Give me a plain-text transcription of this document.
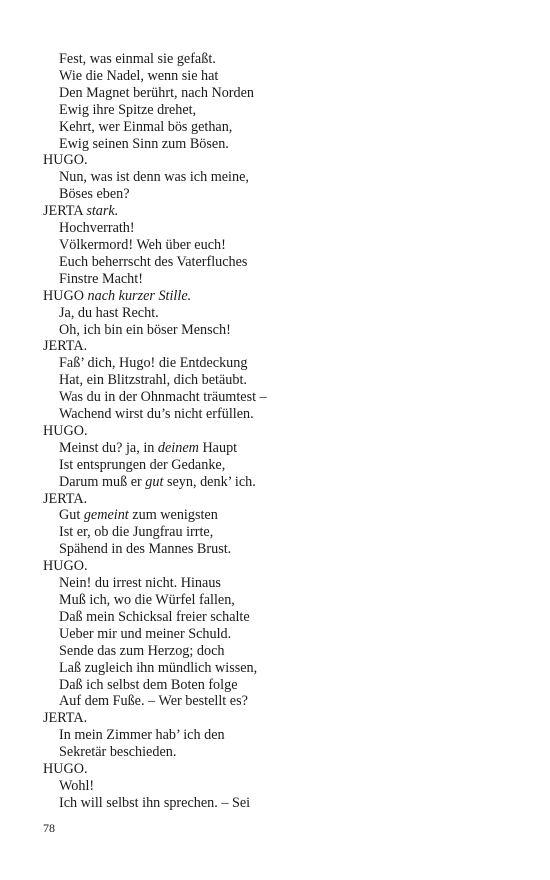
Fest, was einmal sie gefaßt.
Wie die Nadel, wenn sie hat
Den Magnet berührt, nach Norden
Ewig ihre Spitze drehet,
Kehrt, wer Einmal bös gethan,
Ewig seinen Sinn zum Bösen.
HUGO.
Nun, was ist denn was ich meine,
Böses eben?
JERTA stark.
Hochverrath!
Völkermord! Weh über euch!
Euch beherrscht des Vaterfluches
Finstre Macht!
HUGO nach kurzer Stille.
Ja, du hast Recht.
Oh, ich bin ein böser Mensch!
JERTA.
Faß’ dich, Hugo! die Entdeckung
Hat, ein Blitzstrahl, dich betäubt.
Was du in der Ohnmacht träumtest –
Wachend wirst du’s nicht erfüllen.
HUGO.
Meinst du? ja, in deinem Haupt
Ist entsprungen der Gedanke,
Darum muß er gut seyn, denk’ ich.
JERTA.
Gut gemeint zum wenigsten
Ist er, ob die Jungfrau irrte,
Spähend in des Mannes Brust.
HUGO.
Nein! du irrest nicht. Hinaus
Muß ich, wo die Würfel fallen,
Daß mein Schicksal freier schalte
Ueber mir und meiner Schuld.
Sende das zum Herzog; doch
Laß zugleich ihn mündlich wissen,
Daß ich selbst dem Boten folge
Auf dem Fuße. – Wer bestellt es?
JERTA.
In mein Zimmer hab’ ich den
Sekretär beschieden.
HUGO.
Wohl!
Ich will selbst ihn sprechen. – Sei
78
